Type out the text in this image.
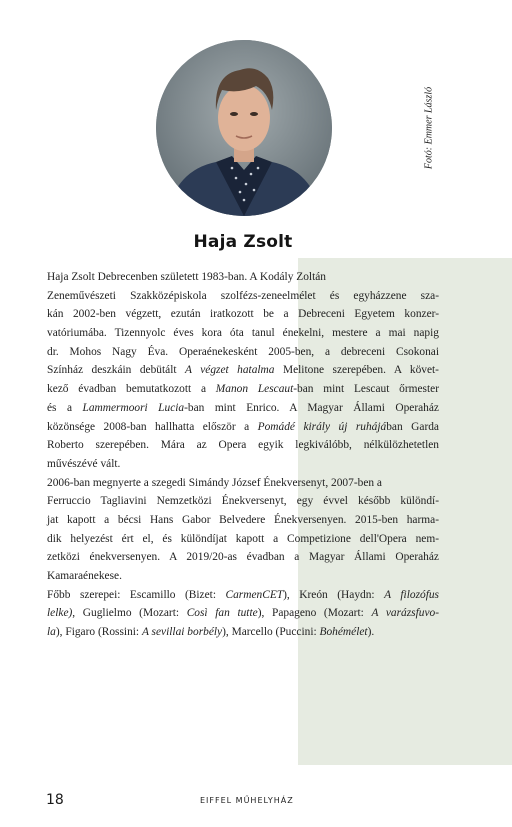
Fotó: Emmer László
Haja Zsolt
Haja Zsolt Debrecenben született 1983-ban. A Kodály Zoltán
Zeneművészeti Szakközépiskola szolfézs-zeneelmélet és egyházzene sza-
kán 2002-ben végzett, ezután iratkozott be a Debreceni Egyetem konzer-
vatóriumába. Tizennyolc éves kora óta tanul énekelni, mestere a mai napig
dr. Mohos Nagy Éva. Operaénekesként 2005-ben, a debreceni Csokonai
Színház deszkáin debütált A végzet hatalma Melitone szerepében. A követ-
kező évadban bemutatkozott a Manon Lescaut-ban mint Lescaut őrmester
és a Lammermoori Lucia-ban mint Enrico. A Magyar Állami Operaház
közönsége 2008-ban hallhatta először a Pomádé király új ruhájában Garda
Roberto szerepében. Mára az Opera egyik legkiválóbb, nélkülözhetetlen
művészévé vált.
2006-ban megnyerte a szegedi Simándy József Énekversenyt, 2007-ben a
Ferruccio Tagliavini Nemzetközi Énekversenyt, egy évvel később különdí-
jat kapott a bécsi Hans Gabor Belvedere Énekversenyen. 2015-ben harma-
dik helyezést ért el, és különdíjat kapott a Competizione dell'Opera nem-
zetközi énekversenyen. A 2019/20-as évadban a Magyar Állami Operaház
Kamaraénekese.
Főbb szerepei: Escamillo (Bizet: CarmenCET), Kreón (Haydn: A filozófus
lelke), Guglielmo (Mozart: Così fan tutte), Papageno (Mozart: A varázsfuvo-
la), Figaro (Rossini: A sevillai borbély), Marcello (Puccini: Bohémélet).
18	EIFFEL MŰHELYHÁZ
